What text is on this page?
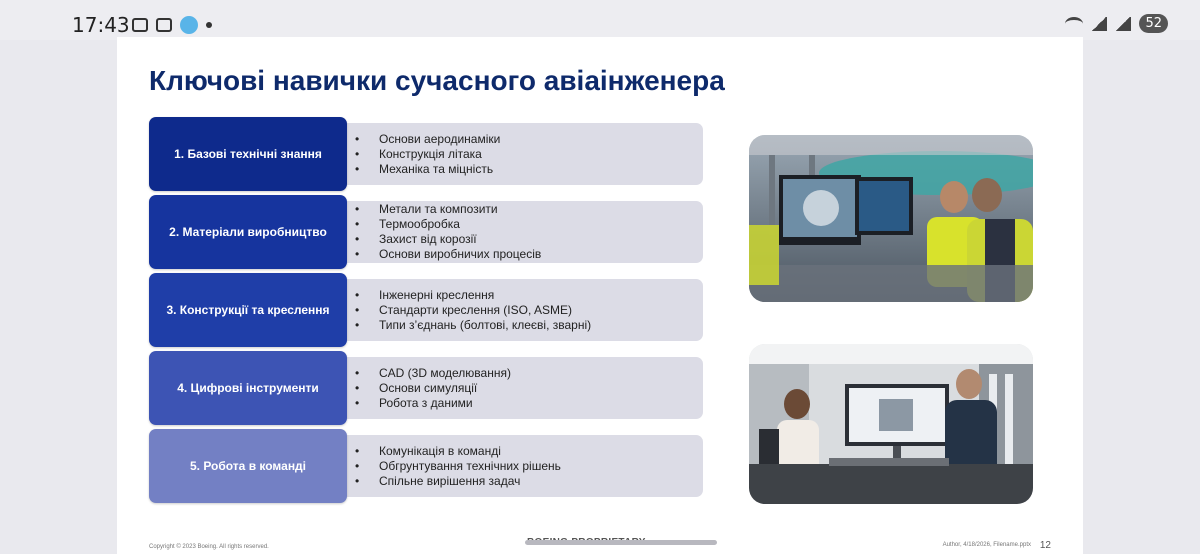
17:43	52
Ключові навички сучасного авіаінженера
1. Базові технічні знання
• Основи аеродинаміки
• Конструкція літака
• Механіка та міцність
2. Матеріали виробництво
• Метали та композити
• Термообробка
• Захист від корозії
• Основи виробничих процесів
3. Конструкції та креслення
• Інженерні креслення
• Стандарти креслення (ISO, ASME)
• Типи з’єднань (болтові, клеєві, зварні)
4. Цифрові інструменти
• CAD (3D моделювання)
• Основи симуляції
• Робота з даними
5. Робота в команді
• Комунікація в команді
• Обгрунтування технічних рішень
• Спільне вирішення задач
Copyright © 2023 Boeing. All rights reserved.	Author, 4/18/2026, Filename.pptx 12
